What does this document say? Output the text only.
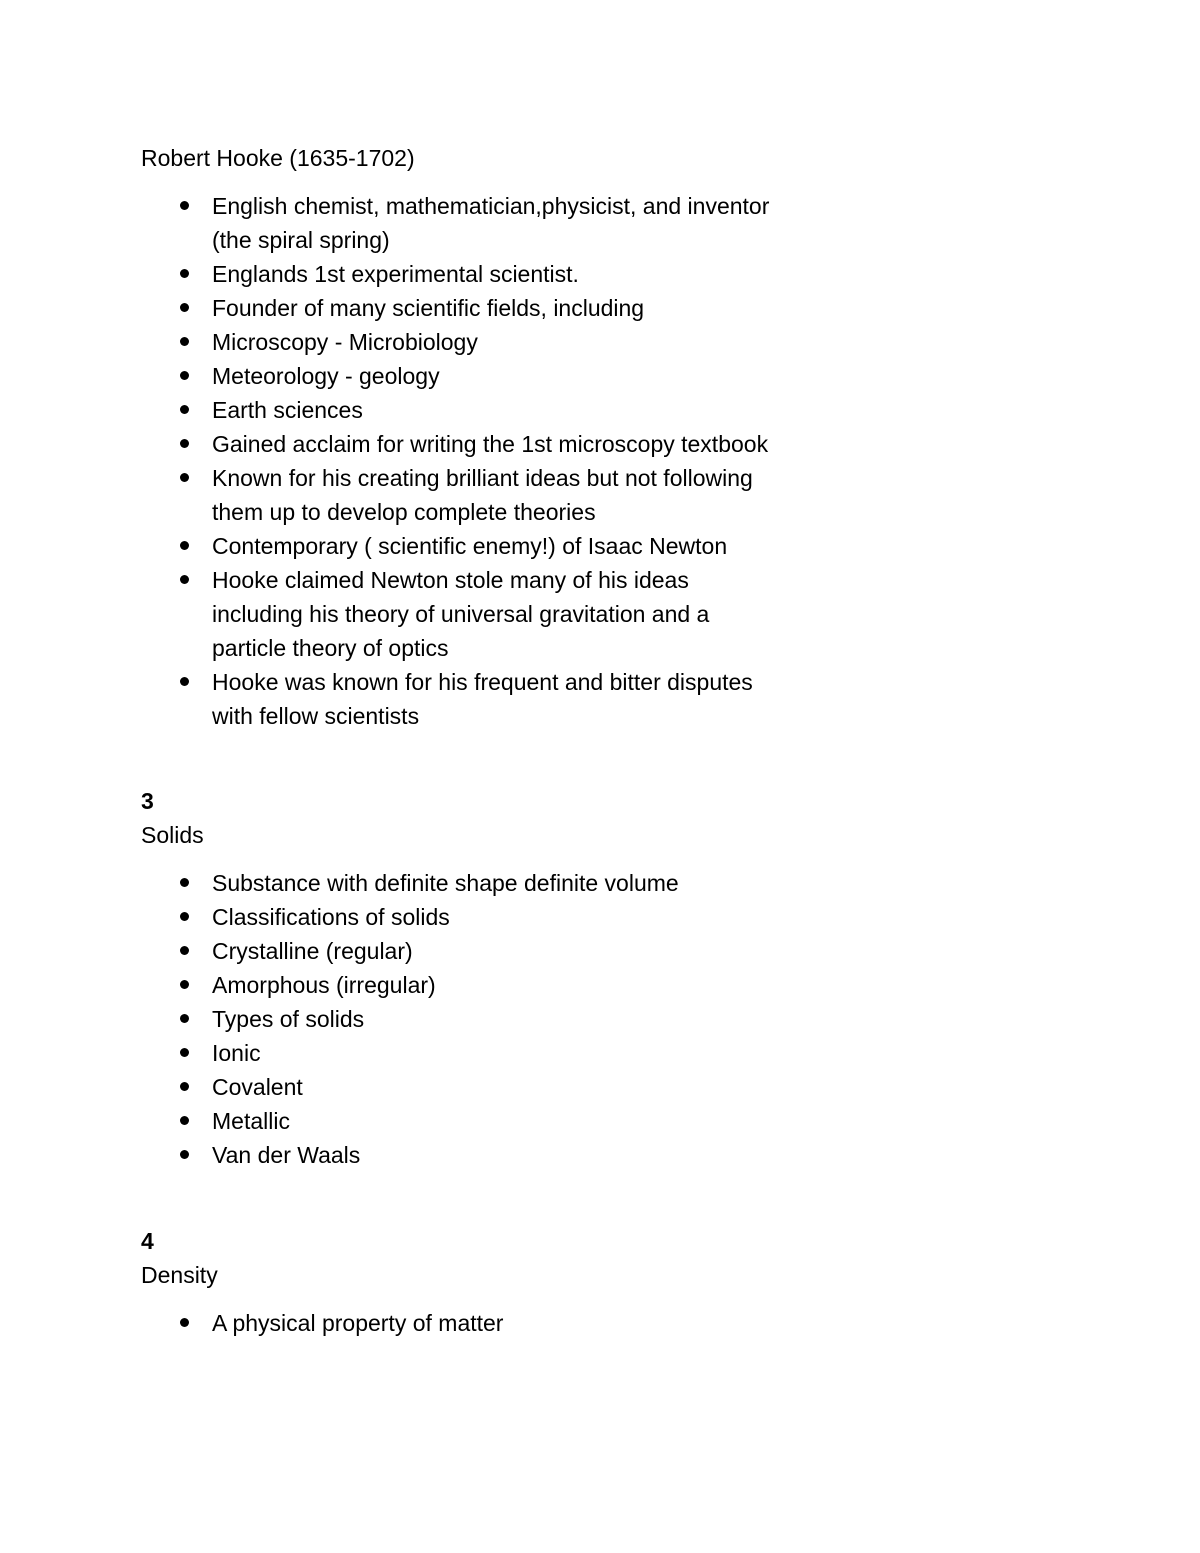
Robert Hooke (1635-1702)

English chemist, mathematician,physicist, and inventor (the spiral spring)
Englands 1st experimental scientist.
Founder of many scientific fields, including
Microscopy - Microbiology
Meteorology - geology
Earth sciences
Gained acclaim for writing the 1st microscopy textbook
Known for his creating brilliant ideas but not following them up to develop complete theories
Contemporary ( scientific enemy!) of Isaac Newton
Hooke claimed Newton stole many of his ideas including his theory of universal gravitation and a particle theory of optics
Hooke was known for his frequent and bitter disputes with fellow scientists

3

Solids

Substance with definite shape definite volume
Classifications of solids
Crystalline (regular)
Amorphous (irregular)
Types of solids
Ionic
Covalent
Metallic
Van der Waals

4

Density

A physical property of matter
